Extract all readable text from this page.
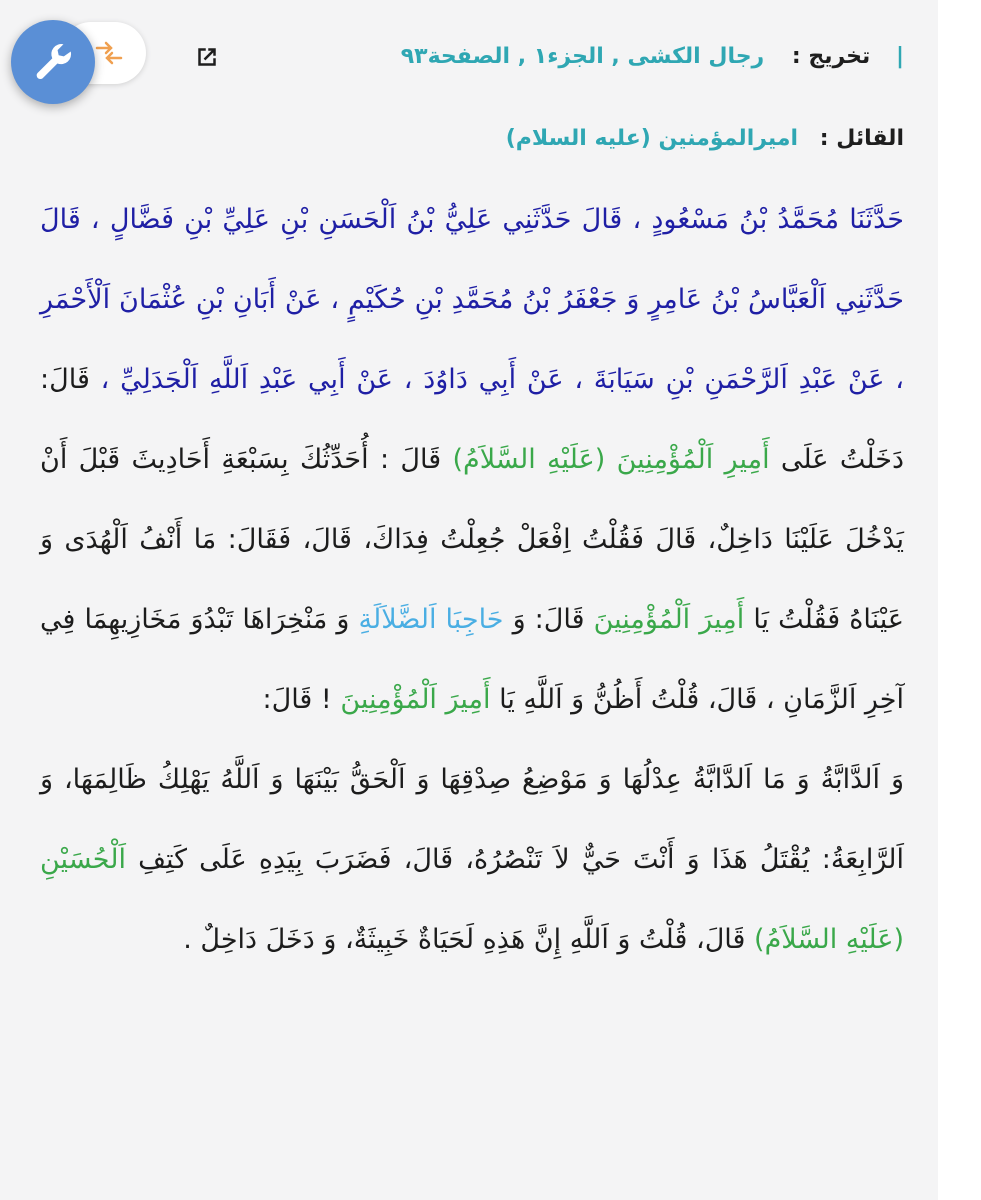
| تخريج : رجال الكشى , الجزء١ , الصفحة٩٣
القائل : اميرالمؤمنين (عليه السلام)

حَدَّثَنَا مُحَمَّدُ بْنُ مَسْعُودٍ ، قَالَ حَدَّثَنِي عَلِيُّ بْنُ اَلْحَسَنِ بْنِ عَلِيِّ بْنِ فَضَّالٍ ، قَالَ حَدَّثَنِي اَلْعَبَّاسُ بْنُ عَامِرٍ وَ جَعْفَرُ بْنُ مُحَمَّدِ بْنِ حُكَيْمٍ ، عَنْ أَبَانِ بْنِ عُثْمَانَ اَلْأَحْمَرِ ، عَنْ عَبْدِ اَلرَّحْمَنِ بْنِ سَيَابَةَ ، عَنْ أَبِي دَاوُدَ ، عَنْ أَبِي عَبْدِ اَللَّهِ اَلْجَدَلِيِّ ، قَالَ: دَخَلْتُ عَلَى أَمِيرِ اَلْمُؤْمِنِينَ (عَلَيْهِ السَّلاَمُ) قَالَ : أُحَدِّثُكَ بِسَبْعَةِ أَحَادِيثَ قَبْلَ أَنْ يَدْخُلَ عَلَيْنَا دَاخِلٌ، قَالَ فَقُلْتُ اِفْعَلْ جُعِلْتُ فِدَاكَ، قَالَ، فَقَالَ: مَا أَنْفُ اَلْهُدَى وَ عَيْنَاهُ فَقُلْتُ يَا أَمِيرَ اَلْمُؤْمِنِينَ قَالَ: وَ حَاجِبَا اَلضَّلاَلَةِ وَ مَنْخِرَاهَا تَبْدُوَ مَخَازِيهِمَا فِي آخِرِ اَلزَّمَانِ ، قَالَ، قُلْتُ أَظُنُّ وَ اَللَّهِ يَا أَمِيرَ اَلْمُؤْمِنِينَ ! قَالَ:

وَ اَلدَّابَّةُ وَ مَا اَلدَّابَّةُ عِدْلُهَا وَ مَوْضِعُ صِدْقِهَا وَ اَلْحَقُّ بَيْنَهَا وَ اَللَّهُ يَهْلِكُ ظَالِمَهَا، وَ اَلرَّابِعَةُ: يُقْتَلُ هَذَا وَ أَنْتَ حَيٌّ لاَ تَنْصُرُهُ، قَالَ، فَضَرَبَ بِيَدِهِ عَلَى كَتِفِ اَلْحُسَيْنِ (عَلَيْهِ السَّلاَمُ) قَالَ، قُلْتُ وَ اَللَّهِ إِنَّ هَذِهِ لَحَيَاةٌ خَبِيثَةٌ، وَ دَخَلَ دَاخِلٌ .
